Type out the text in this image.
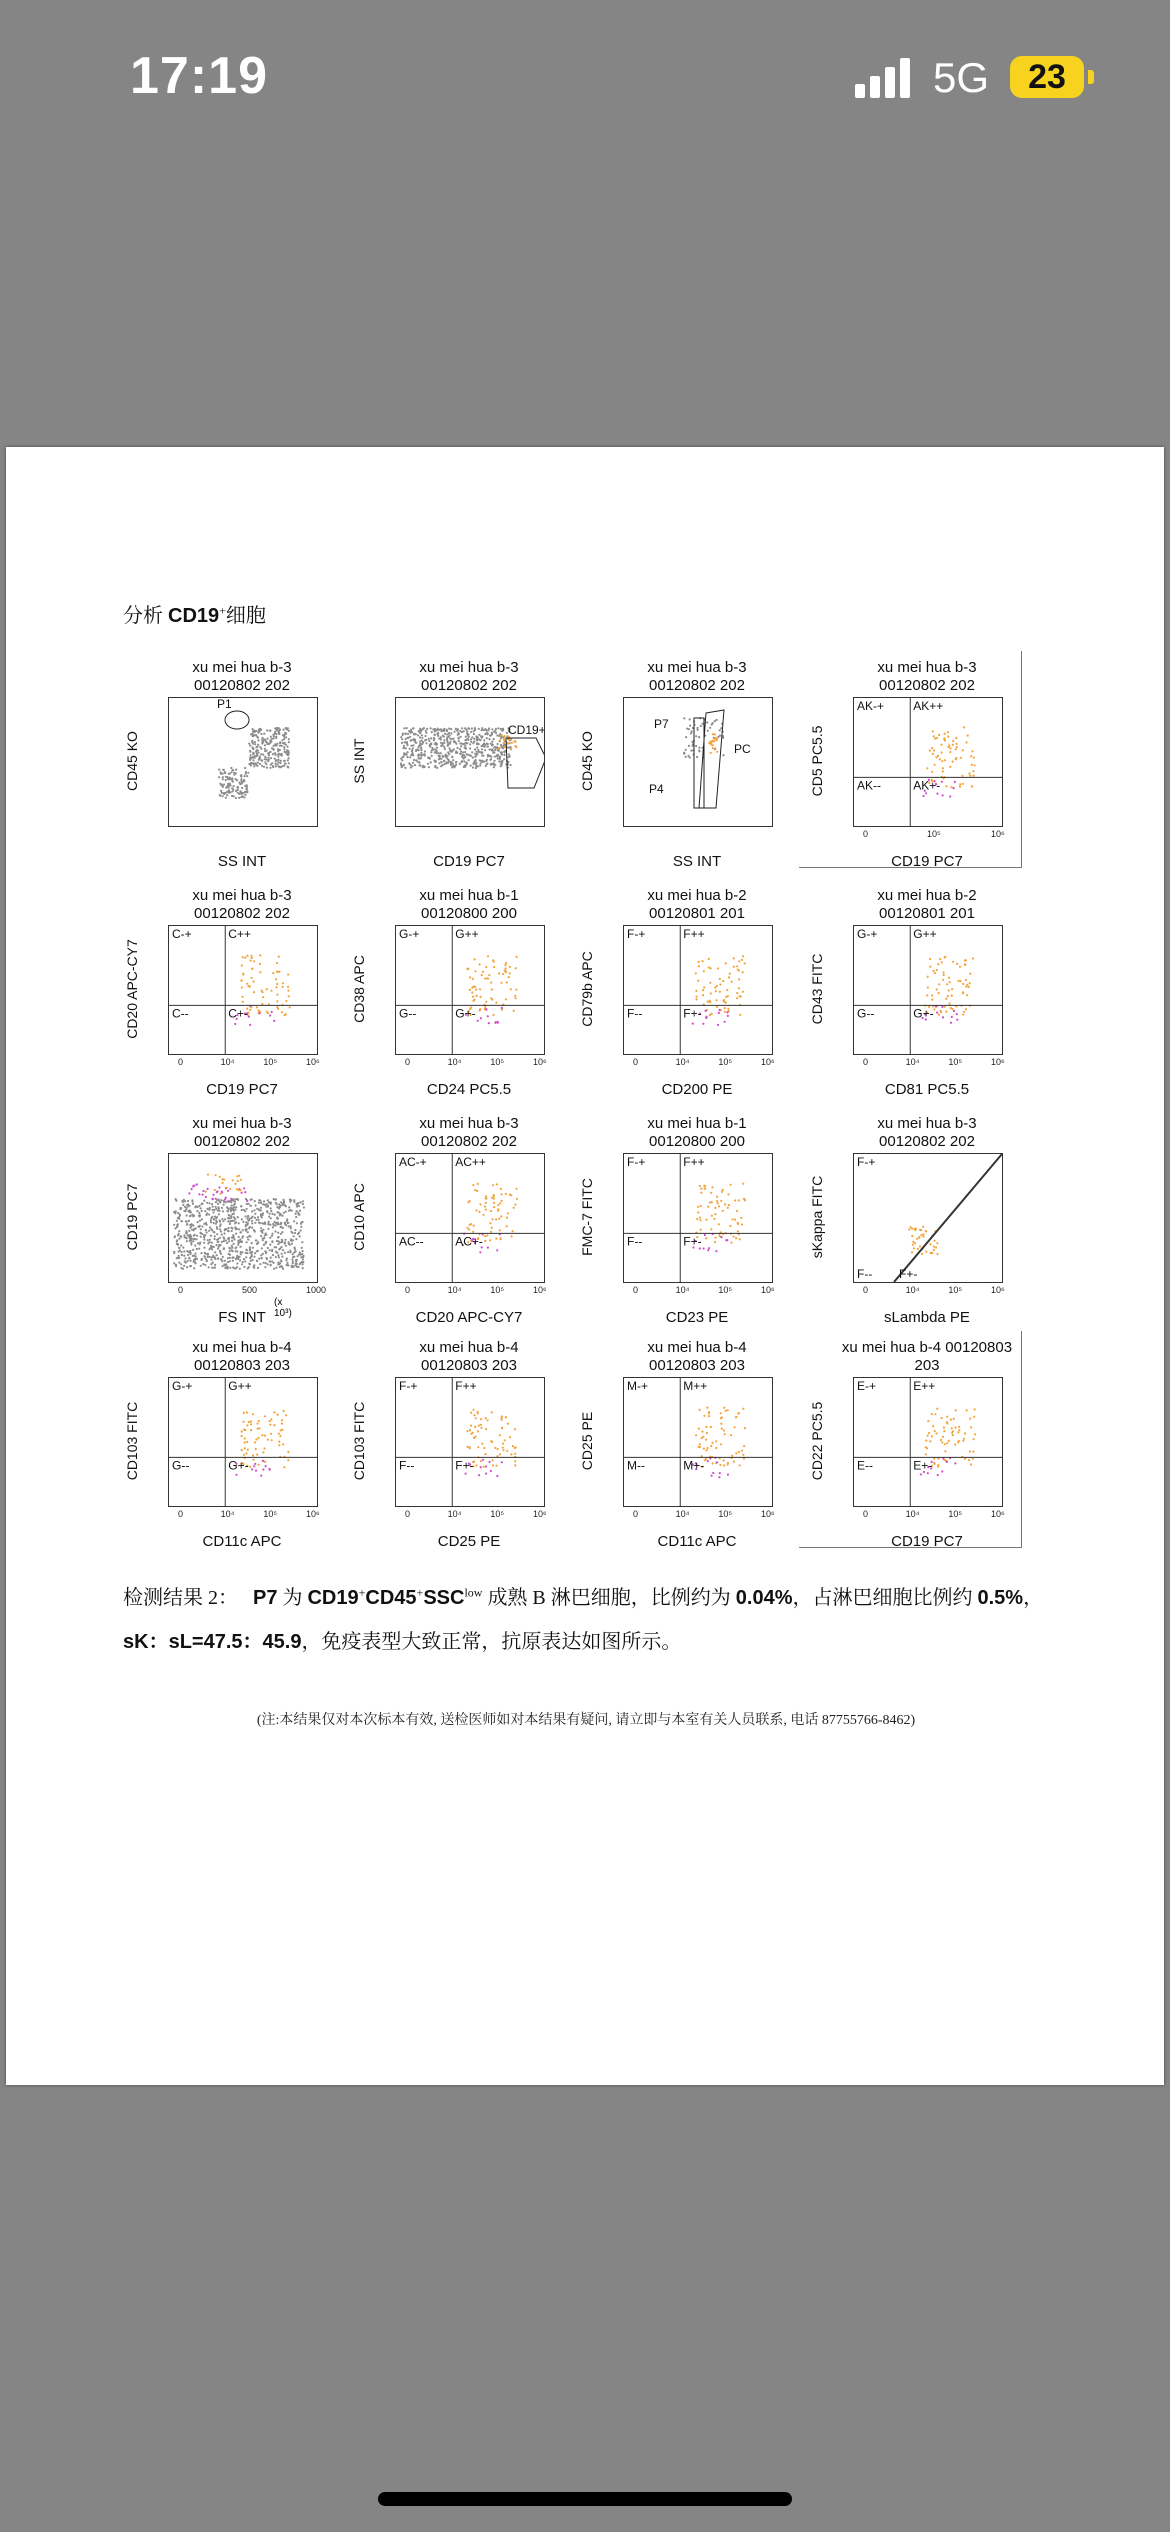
17:19	5G	23
分析 CD19+细胞
xu mei hua b-3
00120802 202
P1
SS INT
CD45 KO
xu mei hua b-3
00120802 202
CD19+
CD19 PC7
SS INT
xu mei hua b-3
00120802 202
P7
PC
P4
SS INT
CD45 KO
xu mei hua b-3
00120802 202
AK-+ AK++
AK--	AK+-
0	10⁵	10⁶
CD19 PC7
CD5 PC5.5
xu mei hua b-3
00120802 202
C-+	C++
C--	C+-
0	10⁴	10⁵	10⁶
CD19 PC7
CD20 APC-CY7
xu mei hua b-1
00120800 200
G-+	G++
G--	G+-
0	10⁴	10⁵	10⁶
CD24 PC5.5
CD38 APC
xu mei hua b-2
00120801 201
F-+	F++
F--	F+-
0	10⁴	10⁵	10⁶
CD200 PE
CD79b APC
xu mei hua b-2
00120801 201
G-+	G++
G--	G+-
0	10⁴	10⁵	10⁶
CD81 PC5.5
CD43 FITC
xu mei hua b-3
00120802 202
0	500	1000
(x 10³)
FS INT
CD19 PC7
xu mei hua b-3
00120802 202
AC-+ AC++
AC--	AC+-
0	10⁴	10⁵	10⁶
CD20 APC-CY7
CD10 APC
xu mei hua b-1
00120800 200
F-+	F++
F--	F+-
0	10⁴	10⁵	10⁶
CD23 PE
FMC-7 FITC
xu mei hua b-3
00120802 202
F-+
F-- F+-
0	10⁴	10⁵	10⁶
sLambda PE
sKappa FITC
xu mei hua b-4
00120803 203
G-+	G++
G--	G+-
0	10⁴	10⁵	10⁶
CD11c APC
CD103 FITC
xu mei hua b-4
00120803 203
F-+	F++
F--	F+-
0	10⁴	10⁵	10⁶
CD25 PE
CD103 FITC
xu mei hua b-4
00120803 203
M-+	M++
M--	M+-
0	10⁴	10⁵	10⁶
CD11c APC
CD25 PE
xu mei hua b-4 00120803
203
E-+	E++
E--	E+-
0	10⁴	10⁵	10⁶
CD19 PC7
CD22 PC5.5
检测结果 2： P7 为 $CD19^+CD45^+SSC^{low}$ 成熟 B 淋巴细胞，比例约为 0.04%，占淋巴细胞比例约 0.5%，
sK：sL=47.5：45.9，免疫表型大致正常，抗原表达如图所示。
(注:本结果仅对本次标本有效, 送检医师如对本结果有疑问, 请立即与本室有关人员联系, 电话 87755766-8462)
